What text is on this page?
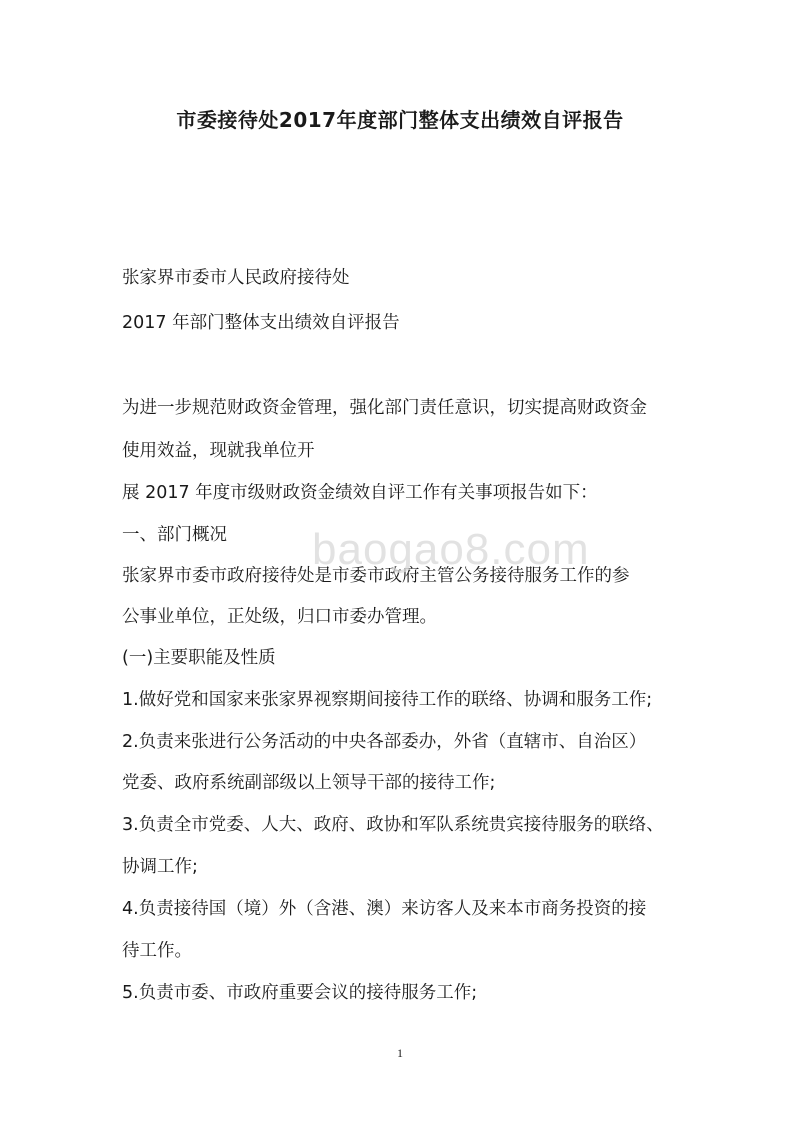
市委接待处2017年度部门整体支出绩效自评报告
张家界市委市人民政府接待处
2017 年部门整体支出绩效自评报告
为进一步规范财政资金管理，强化部门责任意识，切实提高财政资金
使用效益，现就我单位开
展 2017 年度市级财政资金绩效自评工作有关事项报告如下：
一、部门概况
张家界市委市政府接待处是市委市政府主管公务接待服务工作的参
公事业单位，正处级，归口市委办管理。
(一)主要职能及性质
1.做好党和国家来张家界视察期间接待工作的联络、协调和服务工作;
2.负责来张进行公务活动的中央各部委办，外省（直辖市、自治区）
党委、政府系统副部级以上领导干部的接待工作;
3.负责全市党委、人大、政府、政协和军队系统贵宾接待服务的联络、
协调工作;
4.负责接待国（境）外（含港、澳）来访客人及来本市商务投资的接
待工作。
5.负责市委、市政府重要会议的接待服务工作;
baogao8.com
1
